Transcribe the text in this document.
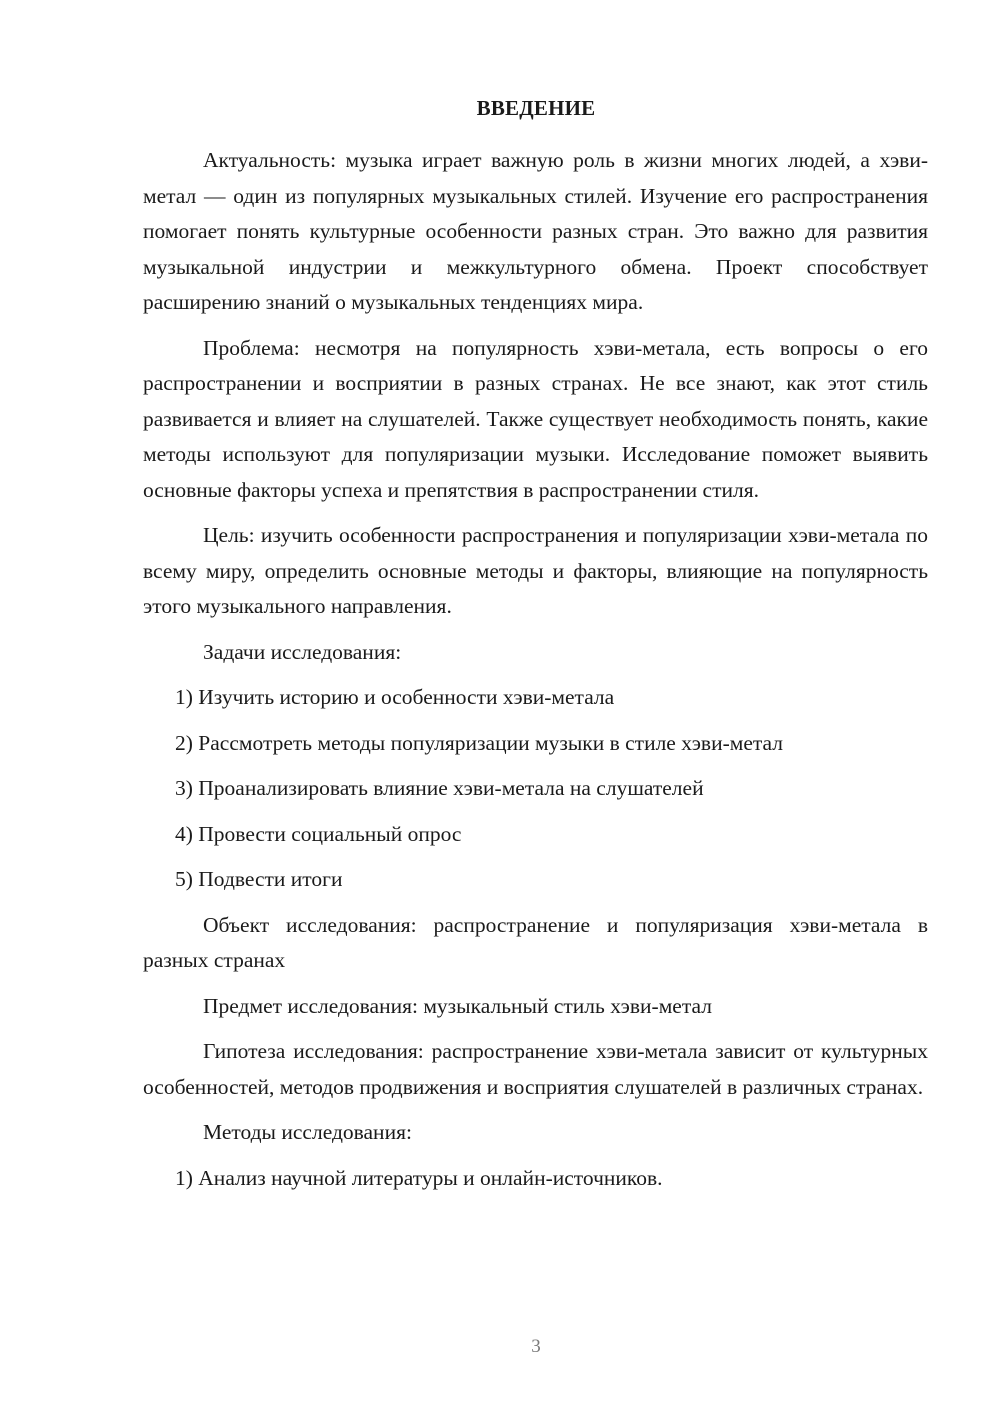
ВВЕДЕНИЕ

Актуальность: музыка играет важную роль в жизни многих людей, а хэви-метал — один из популярных музыкальных стилей. Изучение его распространения помогает понять культурные особенности разных стран. Это важно для развития музыкальной индустрии и межкультурного обмена. Проект способствует расширению знаний о музыкальных тенденциях мира.

Проблема: несмотря на популярность хэви-метала, есть вопросы о его распространении и восприятии в разных странах. Не все знают, как этот стиль развивается и влияет на слушателей. Также существует необходимость понять, какие методы используют для популяризации музыки. Исследование поможет выявить основные факторы успеха и препятствия в распространении стиля.

Цель: изучить особенности распространения и популяризации хэви-метала по всему миру, определить основные методы и факторы, влияющие на популярность этого музыкального направления.

Задачи исследования:

1) Изучить историю и особенности хэви-метала

2) Рассмотреть методы популяризации музыки в стиле хэви-метал

3) Проанализировать влияние хэви-метала на слушателей

4) Провести социальный опрос

5) Подвести итоги

Объект исследования: распространение и популяризация хэви-метала в разных странах

Предмет исследования: музыкальный стиль хэви-метал

Гипотеза исследования: распространение хэви-метала зависит от культурных особенностей, методов продвижения и восприятия слушателей в различных странах.

Методы исследования:

1) Анализ научной литературы и онлайн-источников.

3
